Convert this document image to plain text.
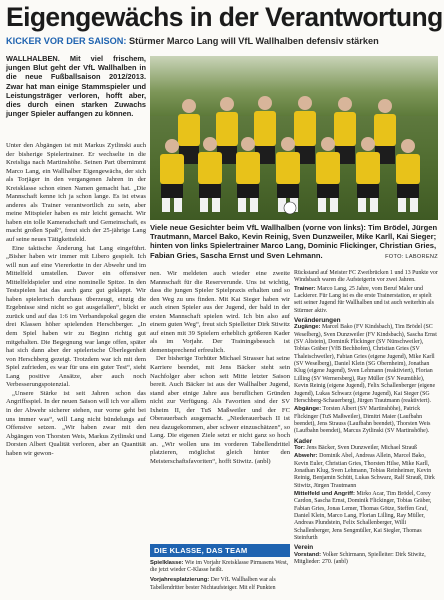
Eigengewächs in der Verantwortung
KICKER VOR DER SAISON: Stürmer Marco Lang will VfL Wallhalben defensiv stärken
WALLHALBEN. Mit viel frischem, jungen Blut geht der VfL Wallhalben in die neue Fußballsaison 2012/2013. Zwar hat man einige Stammspieler und Leistungsträger verloren, hofft aber, dies durch einen starken Zuwachs junger Spieler auffangen zu können.

Unter den Abgängen ist mit Markus Zytlinski auch der bisherige Spielertrainer. Er wechselte in die Kreisliga nach Martinshöhe. Seinen Part übernimmt Marco Lang, ein Wallhalber Eigengewächs, der sich als Torjäger in den vergangenen Jahren in der Kreisklasse schon einen Namen gemacht hat. „Die Mannschaft kenne ich ja schon lange. Es ist etwas anderes als Trainer verantwortlich zu sein, aber meine Mitspieler haben es mir leicht gemacht. Wir haben ein tolle Kameradschaft und Gemeinschaft, es macht großen Spaß“, freut sich der 25-jährige Lang auf seine neues Tätigkeitsfeld.

Eine taktische Änderung hat Lang eingeführt. „Bisher haben wir immer mit Libero gespielt. Ich will nun auf eine Viererkette in der Abwehr und im Mittelfeld umstellen. Davor ein offensiver Mittelfeldspieler und eine nominelle Spitze. In den Testspielen hat das auch ganz gut geklappt. Wir haben spielerisch durchaus überzeugt, einzig die Ergebnisse sind nicht so gut ausgefallen“, blickt er zurück und auf das 1:6 im Verbandspokal gegen die drei Klassen höher spielenden Herschberger. „In dem Spiel haben wir zu Beginn richtig gut mitgehalten. Die Begegnung war lange offen, später hat sich dann aber der spielerische Überlegenheit von Herschberg gezeigt. Trotzdem war ich mit dem Spiel zufrieden, es war für uns ein guter Test“, sieht Lang positive Ansätze, aber auch noch Verbesserungspotenzial.

„Unsere Stärke ist seit Jahren schon das Angriffsspiel. In der neuen Saison will ich vor allem in der Abwehr sicherer stehen, nur vorne geht bei uns immer was“, will Lang nicht bündelungs auf Offensive setzen. „Wir haben zwar mit den Abgängen von Thorsten Weis, Markus Zytlinski und Dorsten Albert Qualität verloren, aber an Quantität haben wir gewon-

Viele neue Gesichter beim VfL Wallhalben (vorne von links): Tim Brödel, Jürgen Trautmann, Marcel Bako, Kevin Reinig, Sven Dunzweiler, Mike Karll, Kai Sieger; hinten von links Spielertrainer Marco Lang, Dominic Flickinger, Christian Gries, Fabian Gries, Sascha Ernst und Sven Lehmann.	FOTO: LABORENZ

nen. Wir meldeten auch wieder eine zweite Mannschaft für die Reserverunde. Uns ist wichtig, dass die jungen Spieler Spielpraxis erhalten und so den Weg zu uns finden. Mit Kai Sieger haben wir auch einen Spieler aus der Jugend, der bald in der ersten Mannschaft spielen wird. Ich bin also auf einem guten Weg“, freut sich Spielleiter Dirk Stiwitz auf einen mit 39 Spielern erheblich größeren Kader als im Vorjahr. Der Trainingsbesuch ist dementsprechend erfreulich.

Der bisherige Torhüter Michael Strasser hat seine Karriere beendet, mit Jens Bäcker steht sein Nachfolger aber schon seit Mitte letzter Saison bereit. Auch Bäcker ist aus der Wallhalber Jugend, stand aber einige Jahre aus beruflichen Gründen nicht zur Verfügung. Als Favoriten sind der SV Ixheim II, der TuS Maßweiler und der FC Oberauerbach ausgemacht. „Niederauerbach II ist neu dazugekommen, aber schwer einzuschätzen“, so Lang. Die eigenen Ziele setzt er nicht ganz so hoch an. „Wir wollen uns im vorderen Tabellendrittel platzieren, möglichst gleich hinter den Meisterschaftsfavoriten“, hofft Stiwitz. (anbl)

DIE KLASSE, DAS TEAM
Spielklasse: Wie im Vorjahr Kreisklasse Pirmasens West, die jetzt wieder C-Klasse heißt.
Vorjahresplatzierung: Der VfL Wallhalben war als Tabellendritter bester Nichtaufsteiger. Mit elf Punkten
Rückstand auf Meister FC Zweibrücken 1 und 13 Punkte vor Windsbach waren die Aufsteigerin vor zwei Jahren.
Trainer: Marco Lang, 25 Jahre, vom Beruf Maler und Lackierer. Für Lang ist es die erste Trainerstation, er spielt seit seiner Jugend für Wallhalben und ist auch weiterhin als Stürmer aktiv.
Veränderungen
Zugänge: Marcel Bako (FV Kindsbach), Tim Brödel (SC Weselberg), Sven Dunzweiler (FV Kindsbach), Sascha Ernst (SV Altstein), Dominik Flickinger (SV Nünschweiler), Tobias Gräber (VfB Bechhofen), Christian Gries (SV Thaleischweiler), Fabian Gries (eigene Jugend), Mike Karll (SV Weselberg), Daniel Klein (SG Obernheim), Jonathan Klug (eigene Jugend), Sven Lehmann (reaktiviert), Florian Lilling (SV Wernersberg), Ray Müller (SV Neumühle), Kevin Reinig (eigene Jugend), Felix Schallenberger (eigene Jugend), Lukas Schwarz (eigene Jugend), Kai Sieger (SG Herschberg-Schauerberg), Jürgen Trautmann (reaktiviert).
Abgänge: Torsten Albert (SV Martinshöhe), Patrick Flickinger (TuS Maßweiler), Dimitri Maier (Laufbahn beendet), Jens Strauss (Laufbahn beendet), Thorsten Weis (Laufbahn beendet), Marcus Zytlinski (SV Martinshöhe).
Kader
Tor: Jens Bäcker, Sven Dunzweiler, Michael Strauß
Abwehr: Dominik Abel, Andreas Allein, Marcel Bako, Kevin Euler, Christian Gries, Thorsten Hilse, Mike Karll, Jonathan Klug, Sven Lehmann, Tobias Reinheimer, Kevin Reinig, Benjamin Schütt, Lukas Schwarz, Ralf Strauß, Dirk Stiwitz, Jürgen Trautmann
Mittelfeld und Angriff: Mirko Acar, Tim Brödel, Corey Cardon, Sascha Ernst, Dominik Flickinger, Tobias Gräber, Fabian Gries, Jonas Lemer, Thomas Götze, Steffen Graf, Daniel Klein, Marco Lang, Florian Lilling, Ray Müller, Andreas Plundstein, Felix Schallenberger, Willi Schallenberger, Jens Sengmüller, Kai Siegler, Thomas Steinfurth
Verein
Vorstand: Volker Schirmann, Spielleiter: Dirk Stiwitz, Mitglieder: 270. (anbl)
